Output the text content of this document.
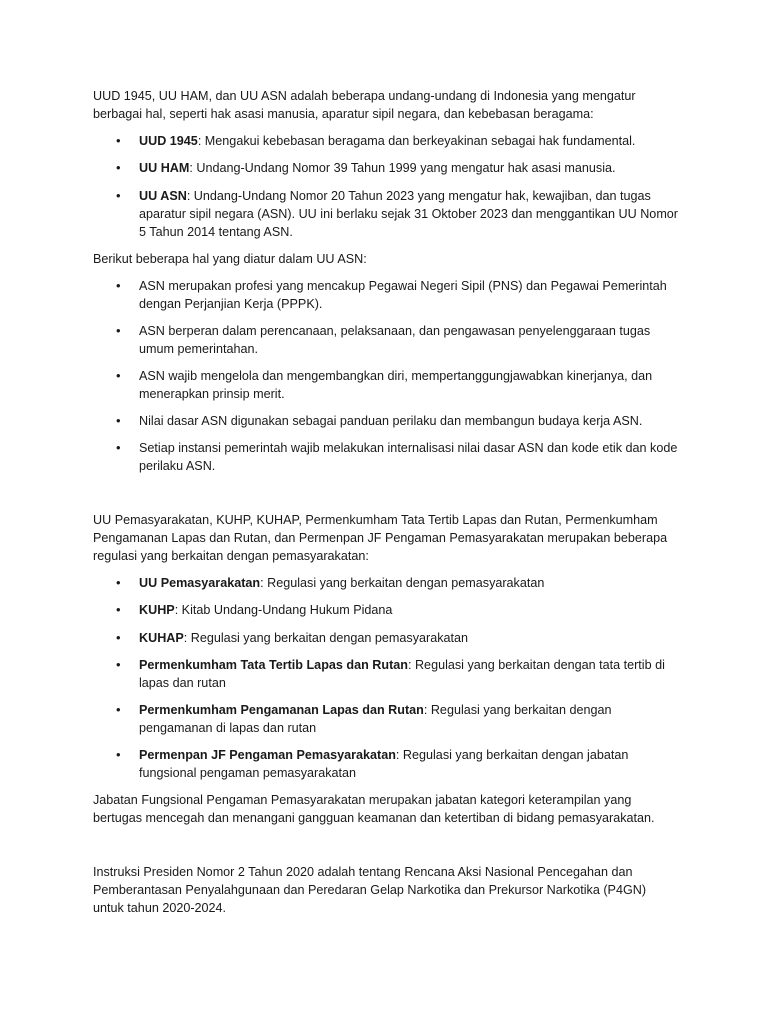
UUD 1945, UU HAM, dan UU ASN adalah beberapa undang-undang di Indonesia yang mengatur berbagai hal, seperti hak asasi manusia, aparatur sipil negara, dan kebebasan beragama:

• UUD 1945: Mengakui kebebasan beragama dan berkeyakinan sebagai hak fundamental.
• UU HAM: Undang-Undang Nomor 39 Tahun 1999 yang mengatur hak asasi manusia.
• UU ASN: Undang-Undang Nomor 20 Tahun 2023 yang mengatur hak, kewajiban, dan tugas aparatur sipil negara (ASN). UU ini berlaku sejak 31 Oktober 2023 dan menggantikan UU Nomor 5 Tahun 2014 tentang ASN.

Berikut beberapa hal yang diatur dalam UU ASN:

• ASN merupakan profesi yang mencakup Pegawai Negeri Sipil (PNS) dan Pegawai Pemerintah dengan Perjanjian Kerja (PPPK).
• ASN berperan dalam perencanaan, pelaksanaan, dan pengawasan penyelenggaraan tugas umum pemerintahan.
• ASN wajib mengelola dan mengembangkan diri, mempertanggungjawabkan kinerjanya, dan menerapkan prinsip merit.
• Nilai dasar ASN digunakan sebagai panduan perilaku dan membangun budaya kerja ASN.
• Setiap instansi pemerintah wajib melakukan internalisasi nilai dasar ASN dan kode etik dan kode perilaku ASN.

UU Pemasyarakatan, KUHP, KUHAP, Permenkumham Tata Tertib Lapas dan Rutan, Permenkumham Pengamanan Lapas dan Rutan, dan Permenpan JF Pengaman Pemasyarakatan merupakan beberapa regulasi yang berkaitan dengan pemasyarakatan:

• UU Pemasyarakatan: Regulasi yang berkaitan dengan pemasyarakatan
• KUHP: Kitab Undang-Undang Hukum Pidana
• KUHAP: Regulasi yang berkaitan dengan pemasyarakatan
• Permenkumham Tata Tertib Lapas dan Rutan: Regulasi yang berkaitan dengan tata tertib di lapas dan rutan
• Permenkumham Pengamanan Lapas dan Rutan: Regulasi yang berkaitan dengan pengamanan di lapas dan rutan
• Permenpan JF Pengaman Pemasyarakatan: Regulasi yang berkaitan dengan jabatan fungsional pengaman pemasyarakatan

Jabatan Fungsional Pengaman Pemasyarakatan merupakan jabatan kategori keterampilan yang bertugas mencegah dan menangani gangguan keamanan dan ketertiban di bidang pemasyarakatan.

Instruksi Presiden Nomor 2 Tahun 2020 adalah tentang Rencana Aksi Nasional Pencegahan dan Pemberantasan Penyalahgunaan dan Peredaran Gelap Narkotika dan Prekursor Narkotika (P4GN) untuk tahun 2020-2024.
